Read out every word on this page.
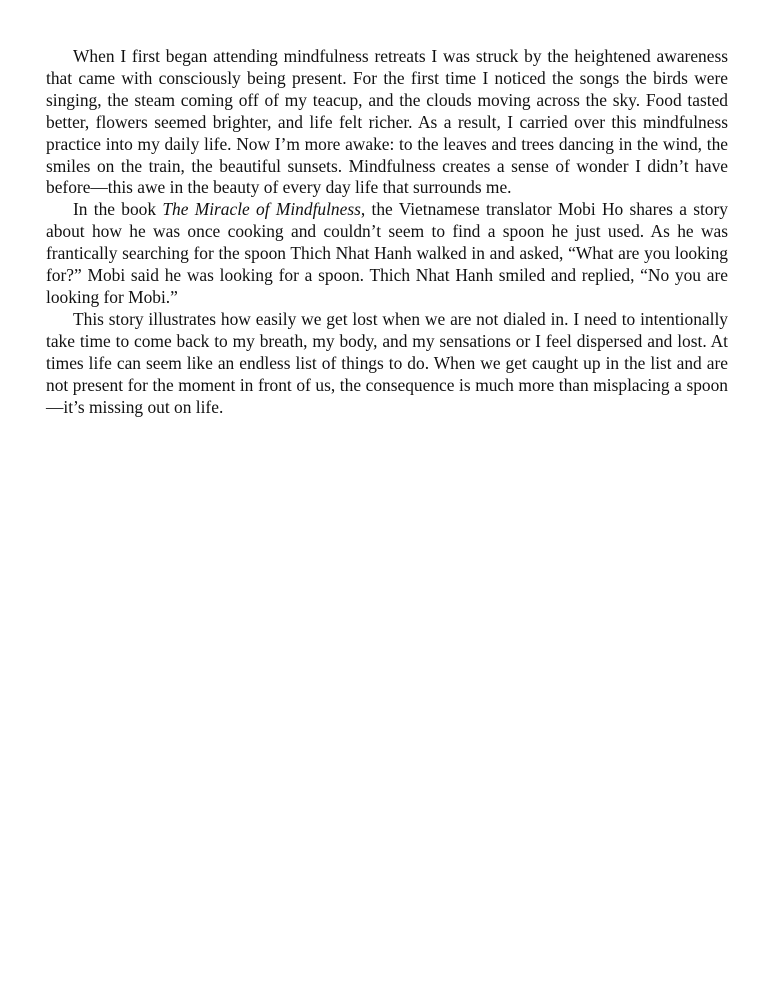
When I first began attending mindfulness retreats I was struck by the heightened awareness that came with consciously being present. For the first time I noticed the songs the birds were singing, the steam coming off of my teacup, and the clouds moving across the sky. Food tasted better, flowers seemed brighter, and life felt richer. As a result, I carried over this mindfulness practice into my daily life. Now I’m more awake: to the leaves and trees dancing in the wind, the smiles on the train, the beautiful sunsets. Mindfulness creates a sense of wonder I didn’t have before—this awe in the beauty of every day life that surrounds me.

In the book The Miracle of Mindfulness, the Vietnamese translator Mobi Ho shares a story about how he was once cooking and couldn’t seem to find a spoon he just used. As he was frantically searching for the spoon Thich Nhat Hanh walked in and asked, “What are you looking for?” Mobi said he was looking for a spoon. Thich Nhat Hanh smiled and replied, “No you are looking for Mobi.”

This story illustrates how easily we get lost when we are not dialed in. I need to intentionally take time to come back to my breath, my body, and my sensations or I feel dispersed and lost. At times life can seem like an endless list of things to do. When we get caught up in the list and are not present for the moment in front of us, the consequence is much more than misplacing a spoon—it’s missing out on life.
